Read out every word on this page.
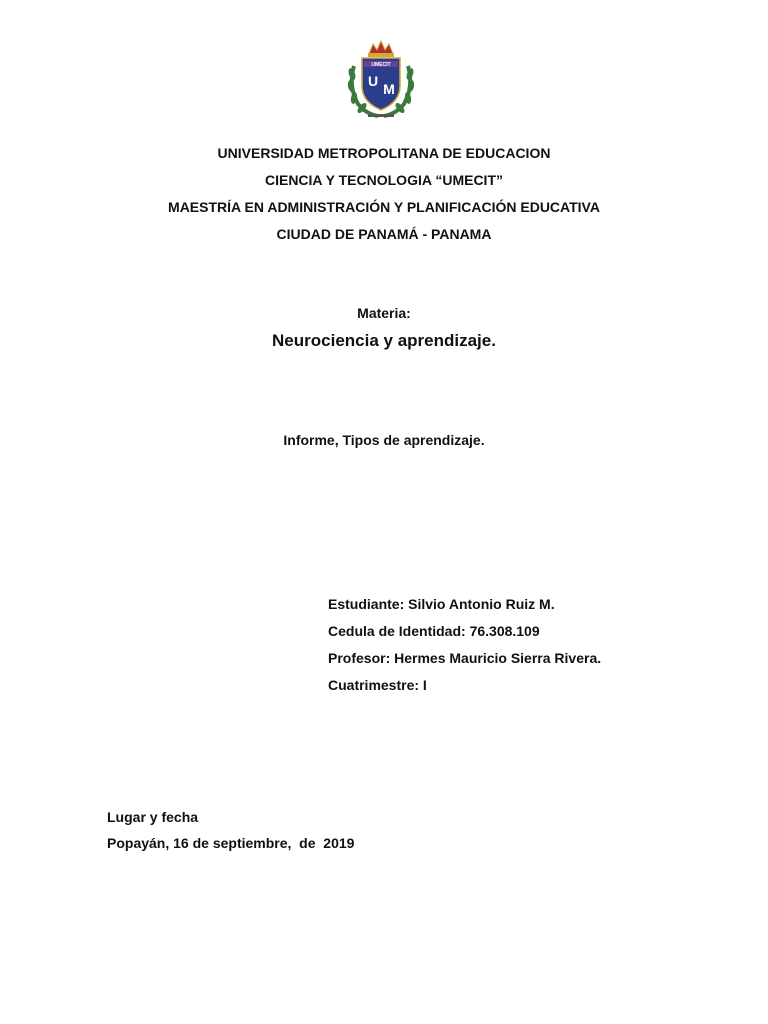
UMECIT
U M
UNIVERSIDAD METROPOLITANA DE EDUCACION
CIENCIA Y TECNOLOGIA “UMECIT”
MAESTRÍA EN ADMINISTRACIÓN Y PLANIFICACIÓN EDUCATIVA
CIUDAD DE PANAMÁ - PANAMA
Materia:
Neurociencia y aprendizaje.
Informe, Tipos de aprendizaje.
Estudiante: Silvio Antonio Ruiz M.
Cedula de Identidad: 76.308.109
Profesor: Hermes Mauricio Sierra Rivera.
Cuatrimestre: I
Lugar y fecha
Popayán, 16 de septiembre,  de  2019
